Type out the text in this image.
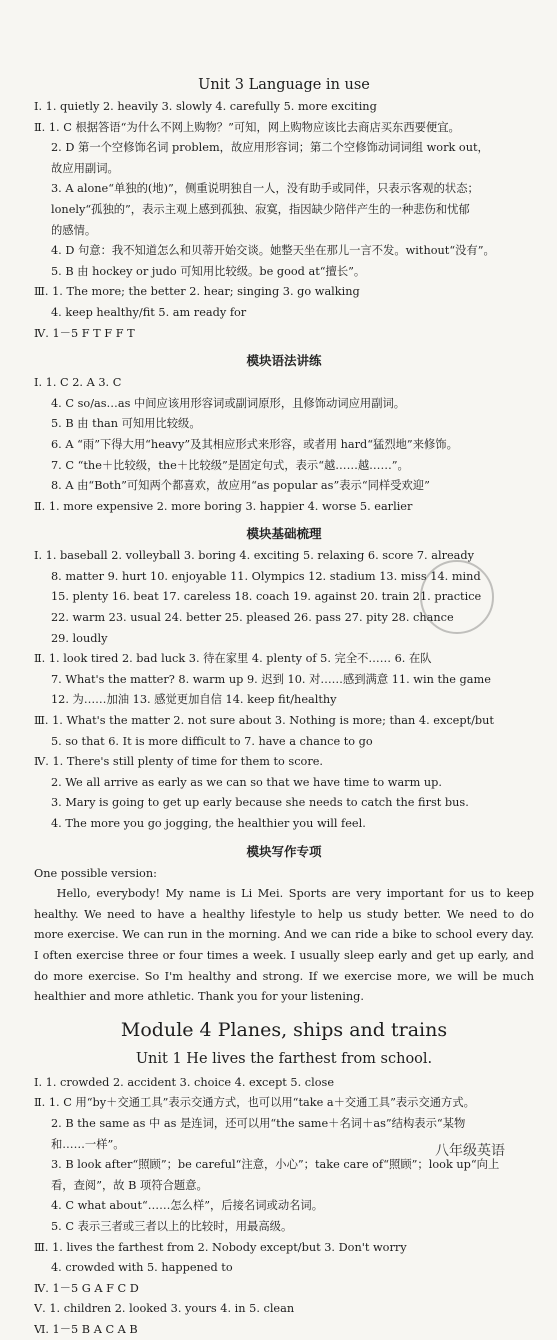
Unit 3 Language in use
Ⅰ. 1. quietly 2. heavily 3. slowly 4. carefully 5. more exciting
Ⅱ. 1. C 根据答语“为什么不网上购物？”可知，网上购物应该比去商店买东西要便宜。
2. D 第一个空修饰名词 problem，故应用形容词；第二个空修饰动词词组 work out，
故应用副词。
3. A alone“单独的(地)”，侧重说明独自一人，没有助手或同伴，只表示客观的状态；
lonely“孤独的”，表示主观上感到孤独、寂寞，指因缺少陪伴产生的一种悲伤和忧郁
的感情。
4. D 句意：我不知道怎么和贝蒂开始交谈。她整天坐在那儿一言不发。without“没有”。
5. B 由 hockey or judo 可知用比较级。be good at“擅长”。
Ⅲ. 1. The more; the better 2. hear; singing 3. go walking
4. keep healthy/fit 5. am ready for
Ⅳ. 1－5 F T F F T
模块语法讲练
Ⅰ. 1. C 2. A 3. C
4. C so/as…as 中间应该用形容词或副词原形，且修饰动词应用副词。
5. B 由 than 可知用比较级。
6. A “雨”下得大用“heavy”及其相应形式来形容，或者用 hard“猛烈地”来修饰。
7. C “the＋比较级，the＋比较级”是固定句式，表示“越……越……”。
8. A 由“Both”可知两个都喜欢，故应用“as popular as”表示“同样受欢迎”
Ⅱ. 1. more expensive 2. more boring 3. happier 4. worse 5. earlier
模块基础梳理
Ⅰ. 1. baseball 2. volleyball 3. boring 4. exciting 5. relaxing 6. score 7. already
8. matter 9. hurt 10. enjoyable 11. Olympics 12. stadium 13. miss 14. mind
15. plenty 16. beat 17. careless 18. coach 19. against 20. train 21. practice
22. warm 23. usual 24. better 25. pleased 26. pass 27. pity 28. chance
29. loudly
Ⅱ. 1. look tired 2. bad luck 3. 待在家里 4. plenty of 5. 完全不…… 6. 在队
7. What's the matter? 8. warm up 9. 迟到 10. 对……感到满意 11. win the game
12. 为……加油 13. 感觉更加自信 14. keep fit/healthy
Ⅲ. 1. What's the matter 2. not sure about 3. Nothing is more; than 4. except/but
5. so that 6. It is more difficult to 7. have a chance to go
Ⅳ. 1. There's still plenty of time for them to score.
2. We all arrive as early as we can so that we have time to warm up.
3. Mary is going to get up early because she needs to catch the first bus.
4. The more you go jogging, the healthier you will feel.
模块写作专项
One possible version:
Hello, everybody! My name is Li Mei. Sports are very important for us to keep healthy. We need to have a healthy lifestyle to help us study better. We need to do more exercise. We can run in the morning. And we can ride a bike to school every day. I often exercise three or four times a week. I usually sleep early and get up early, and do more exercise. So I'm healthy and strong. If we exercise more, we will be much healthier and more athletic. Thank you for your listening.
Module 4 Planes, ships and trains
Unit 1 He lives the farthest from school.
Ⅰ. 1. crowded 2. accident 3. choice 4. except 5. close
Ⅱ. 1. C 用“by＋交通工具”表示交通方式，也可以用“take a＋交通工具”表示交通方式。
2. B the same as 中 as 是连词，还可以用“the same＋名词＋as”结构表示“某物
和……一样”。
3. B look after“照顾”；be careful“注意，小心”；take care of“照顾”；look up“向上
看，查阅”，故 B 项符合题意。
4. C what about“……怎么样”，后接名词或动名词。
5. C 表示三者或三者以上的比较时，用最高级。
Ⅲ. 1. lives the farthest from 2. Nobody except/but 3. Don't worry
4. crowded with 5. happened to
Ⅳ. 1－5 G A F C D
Ⅴ. 1. children 2. looked 3. yours 4. in 5. clean
Ⅵ. 1－5 B A C A B
八年级英语
